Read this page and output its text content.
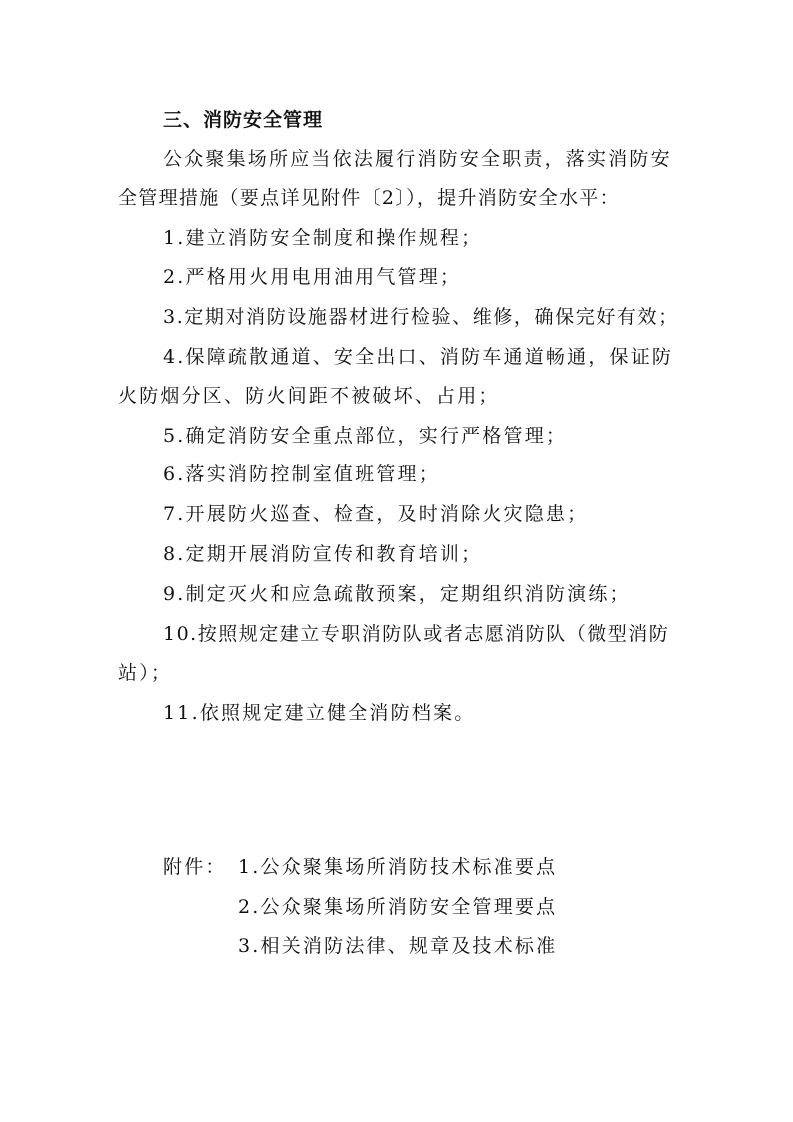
三、消防安全管理
公众聚集场所应当依法履行消防安全职责，落实消防安
全管理措施（要点详见附件〔2〕），提升消防安全水平：
1.建立消防安全制度和操作规程；
2.严格用火用电用油用气管理；
3.定期对消防设施器材进行检验、维修，确保完好有效；
4.保障疏散通道、安全出口、消防车通道畅通，保证防
火防烟分区、防火间距不被破坏、占用；
5.确定消防安全重点部位，实行严格管理；
6.落实消防控制室值班管理；
7.开展防火巡查、检查，及时消除火灾隐患；
8.定期开展消防宣传和教育培训；
9.制定灭火和应急疏散预案，定期组织消防演练；
10.按照规定建立专职消防队或者志愿消防队（微型消防
站）；
11.依照规定建立健全消防档案。
附件： 1.公众聚集场所消防技术标准要点
2.公众聚集场所消防安全管理要点
3.相关消防法律、规章及技术标准
